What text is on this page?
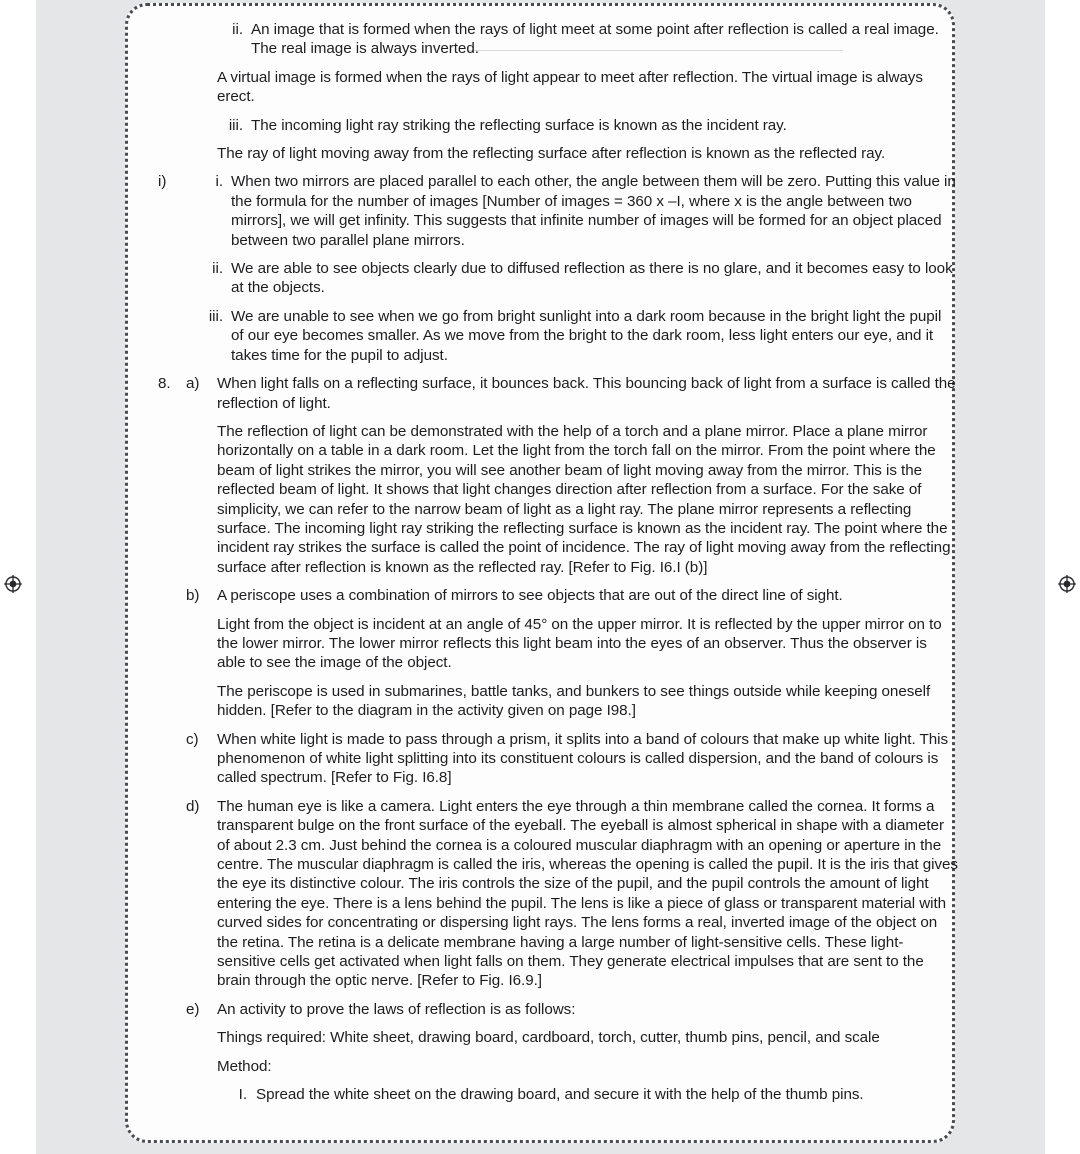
ii. An image that is formed when the rays of light meet at some point after reflection is called a real image. The real image is always inverted.
A virtual image is formed when the rays of light appear to meet after reflection. The virtual image is always erect.
iii. The incoming light ray striking the reflecting surface is known as the incident ray.
The ray of light moving away from the reflecting surface after reflection is known as the reflected ray.
i)	i. When two mirrors are placed parallel to each other, the angle between them will be zero. Putting this value in the formula for the number of images [Number of images = 360 x –I, where x is the angle between two mirrors], we will get infinity. This suggests that infinite number of images will be formed for an object placed between two parallel plane mirrors.
ii. We are able to see objects clearly due to diffused reflection as there is no glare, and it becomes easy to look at the objects.
iii. We are unable to see when we go from bright sunlight into a dark room because in the bright light the pupil of our eye becomes smaller. As we move from the bright to the dark room, less light enters our eye, and it takes time for the pupil to adjust.
8.	a)	When light falls on a reflecting surface, it bounces back. This bouncing back of light from a surface is called the reflection of light.
The reflection of light can be demonstrated with the help of a torch and a plane mirror. Place a plane mirror horizontally on a table in a dark room. Let the light from the torch fall on the mirror. From the point where the beam of light strikes the mirror, you will see another beam of light moving away from the mirror. This is the reflected beam of light. It shows that light changes direction after reflection from a surface. For the sake of simplicity, we can refer to the narrow beam of light as a light ray. The plane mirror represents a reflecting surface. The incoming light ray striking the reflecting surface is known as the incident ray. The point where the incident ray strikes the surface is called the point of incidence. The ray of light moving away from the reflecting surface after reflection is known as the reflected ray. [Refer to Fig. I6.I (b)]
b)	A periscope uses a combination of mirrors to see objects that are out of the direct line of sight.
Light from the object is incident at an angle of 45° on the upper mirror. It is reflected by the upper mirror on to the lower mirror. The lower mirror reflects this light beam into the eyes of an observer. Thus the observer is able to see the image of the object.
The periscope is used in submarines, battle tanks, and bunkers to see things outside while keeping oneself hidden. [Refer to the diagram in the activity given on page I98.]
c)	When white light is made to pass through a prism, it splits into a band of colours that make up white light. This phenomenon of white light splitting into its constituent colours is called dispersion, and the band of colours is called spectrum. [Refer to Fig. I6.8]
d)	The human eye is like a camera. Light enters the eye through a thin membrane called the cornea. It forms a transparent bulge on the front surface of the eyeball. The eyeball is almost spherical in shape with a diameter of about 2.3 cm. Just behind the cornea is a coloured muscular diaphragm with an opening or aperture in the centre. The muscular diaphragm is called the iris, whereas the opening is called the pupil. It is the iris that gives the eye its distinctive colour. The iris controls the size of the pupil, and the pupil controls the amount of light entering the eye. There is a lens behind the pupil. The lens is like a piece of glass or transparent material with curved sides for concentrating or dispersing light rays. The lens forms a real, inverted image of the object on the retina. The retina is a delicate membrane having a large number of light-sensitive cells. These light-sensitive cells get activated when light falls on them. They generate electrical impulses that are sent to the brain through the optic nerve. [Refer to Fig. I6.9.]
e)	An activity to prove the laws of reflection is as follows:
Things required: White sheet, drawing board, cardboard, torch, cutter, thumb pins, pencil, and scale
Method:
I. Spread the white sheet on the drawing board, and secure it with the help of the thumb pins.
